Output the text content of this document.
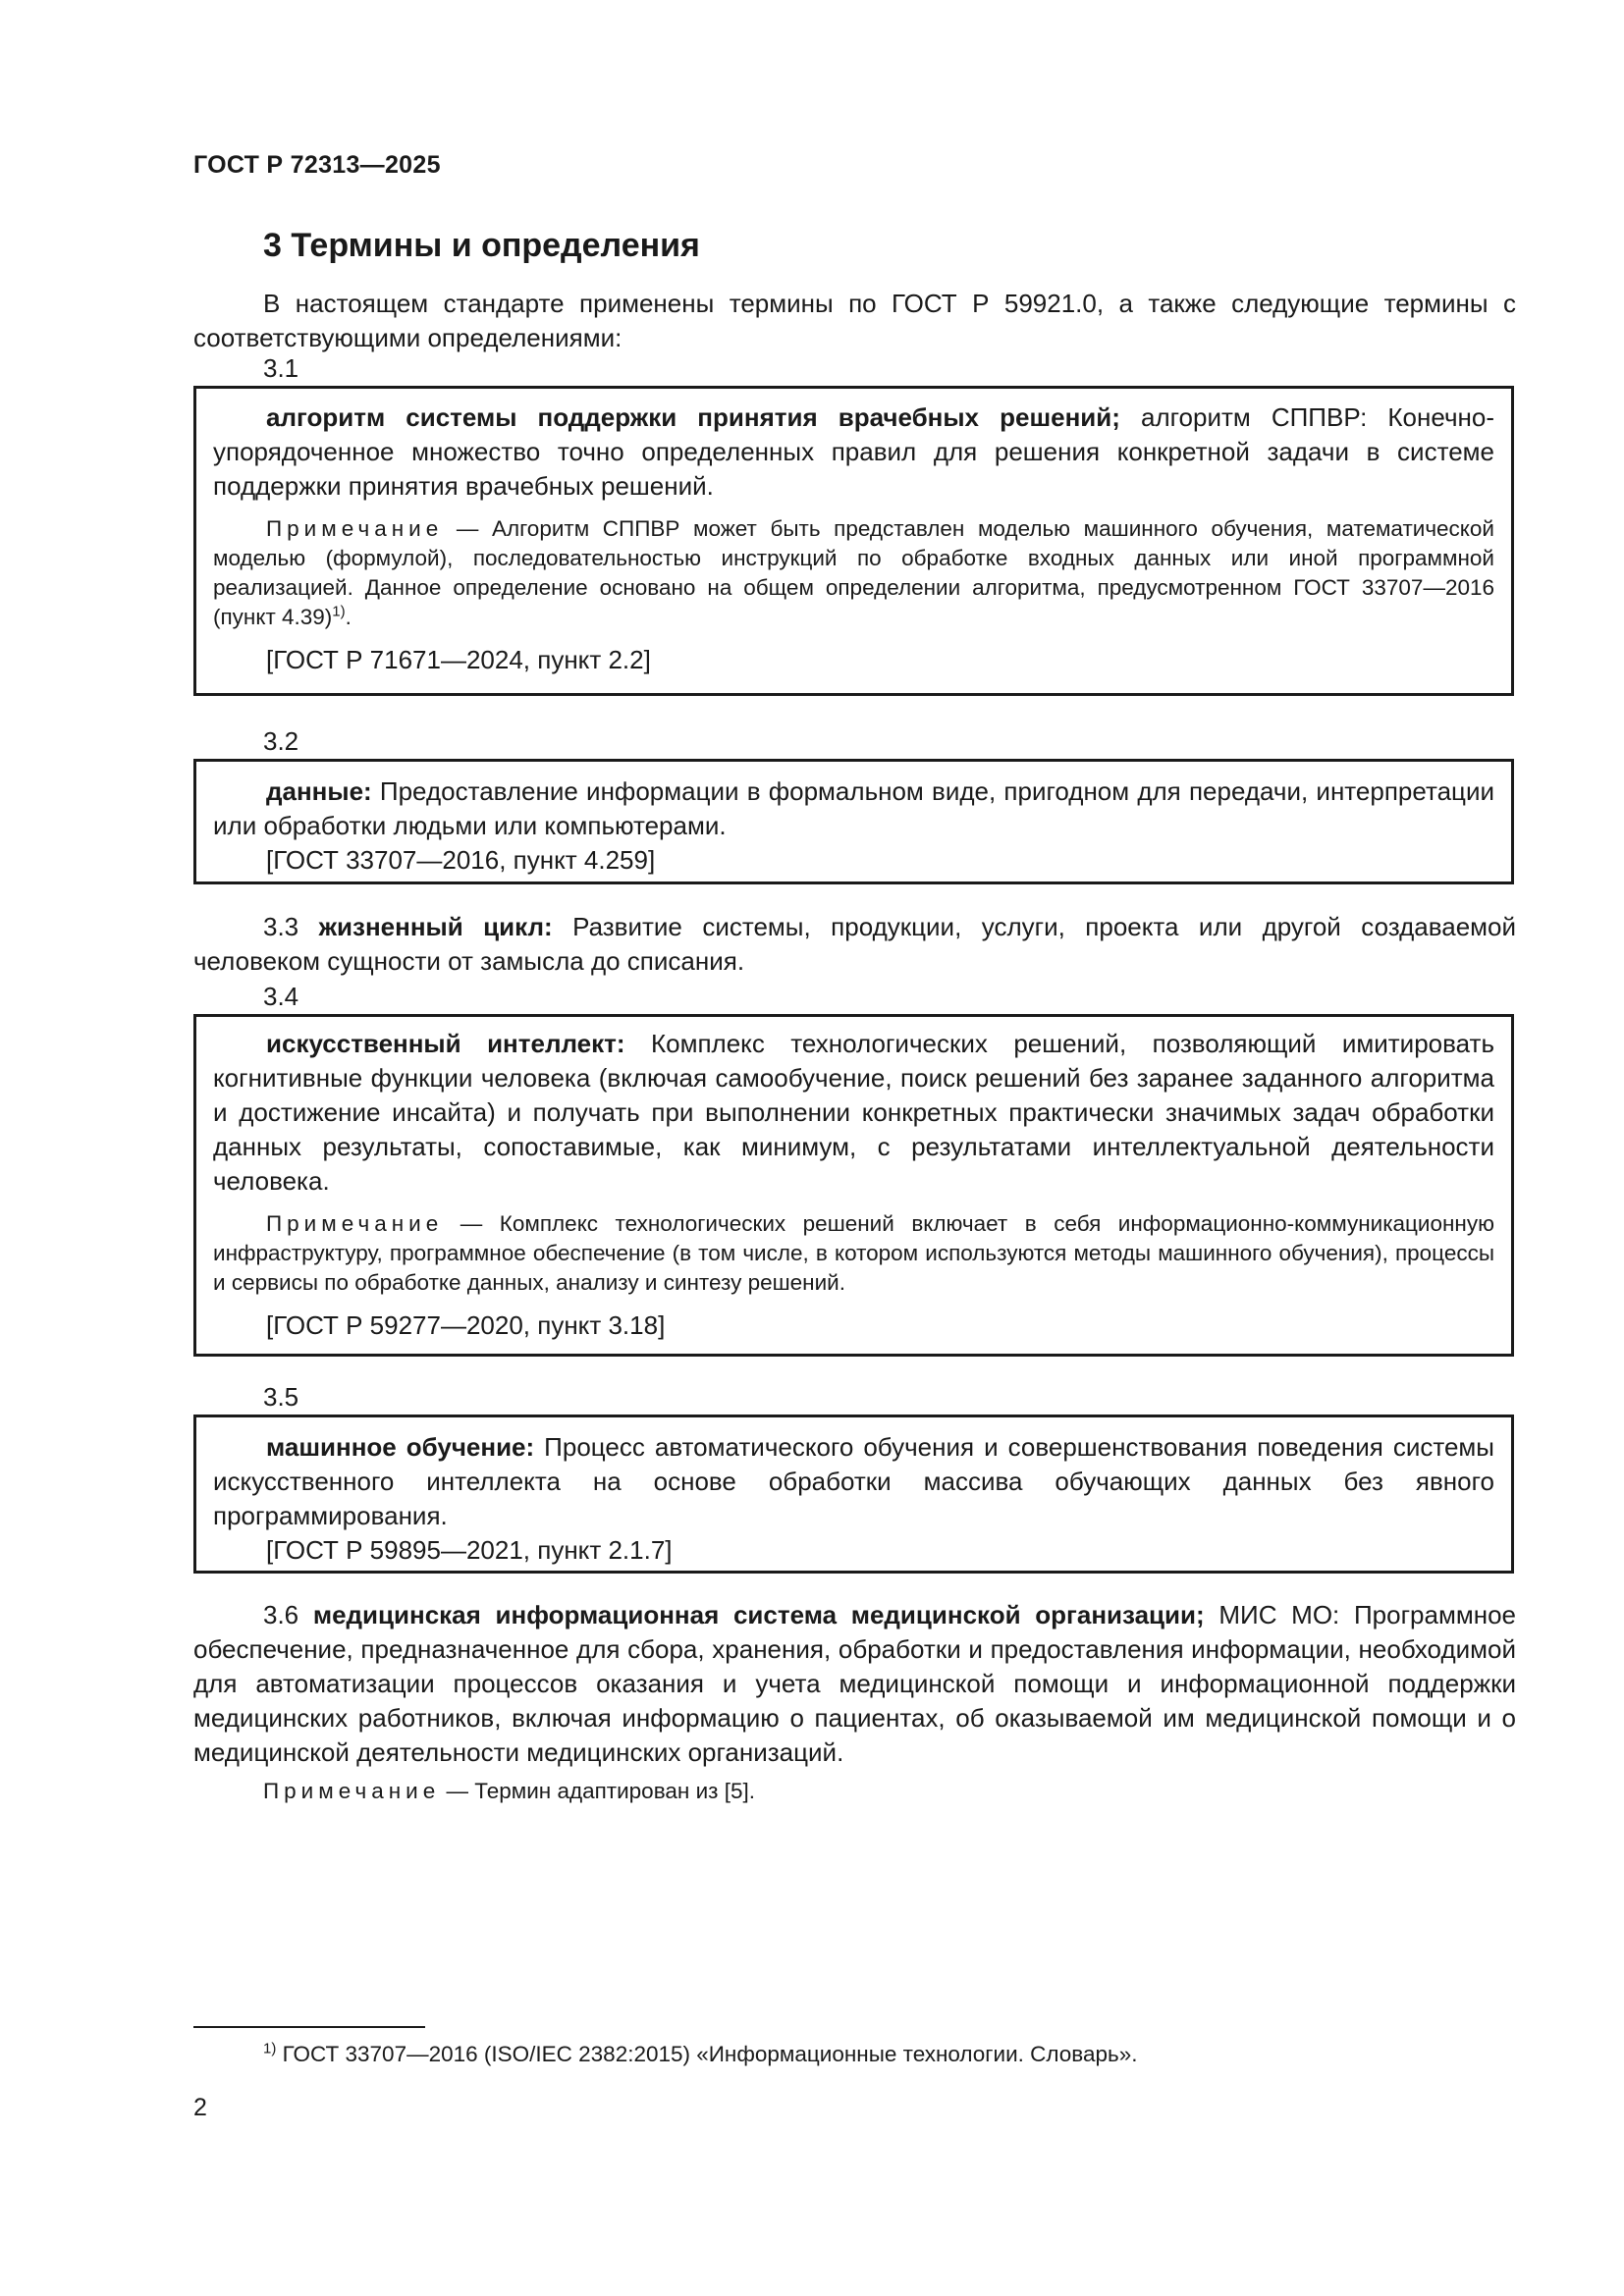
ГОСТ Р 72313—2025
3 Термины и определения

В настоящем стандарте применены термины по ГОСТ Р 59921.0, а также следующие термины с соответствующими определениями:

3.1

алгоритм системы поддержки принятия врачебных решений; алгоритм СППВР: Конечно-упорядоченное множество точно определенных правил для решения конкретной задачи в системе поддержки принятия врачебных решений.

Примечание — Алгоритм СППВР может быть представлен моделью машинного обучения, математической моделью (формулой), последовательностью инструкций по обработке входных данных или иной программной реализацией. Данное определение основано на общем определении алгоритма, предусмотренном ГОСТ 33707—2016 (пункт 4.39)$^{1)}$.

[ГОСТ Р 71671—2024, пункт 2.2]

3.2

данные: Предоставление информации в формальном виде, пригодном для передачи, интерпретации или обработки людьми или компьютерами.

[ГОСТ 33707—2016, пункт 4.259]

3.3 жизненный цикл: Развитие системы, продукции, услуги, проекта или другой создаваемой человеком сущности от замысла до списания.

3.4

искусственный интеллект: Комплекс технологических решений, позволяющий имитировать когнитивные функции человека (включая самообучение, поиск решений без заранее заданного алгоритма и достижение инсайта) и получать при выполнении конкретных практически значимых задач обработки данных результаты, сопоставимые, как минимум, с результатами интеллектуальной деятельности человека.

Примечание — Комплекс технологических решений включает в себя информационно-коммуникационную инфраструктуру, программное обеспечение (в том числе, в котором используются методы машинного обучения), процессы и сервисы по обработке данных, анализу и синтезу решений.

[ГОСТ Р 59277—2020, пункт 3.18]

3.5

машинное обучение: Процесс автоматического обучения и совершенствования поведения системы искусственного интеллекта на основе обработки массива обучающих данных без явного программирования.

[ГОСТ Р 59895—2021, пункт 2.1.7]

3.6 медицинская информационная система медицинской организации; МИС МО: Программное обеспечение, предназначенное для сбора, хранения, обработки и предоставления информации, необходимой для автоматизации процессов оказания и учета медицинской помощи и информационной поддержки медицинских работников, включая информацию о пациентах, об оказываемой им медицинской помощи и о медицинской деятельности медицинских организаций.

Примечание — Термин адаптирован из [5].

$^{1)}$ ГОСТ 33707—2016 (ISO/IEC 2382:2015) «Информационные технологии. Словарь».

2
